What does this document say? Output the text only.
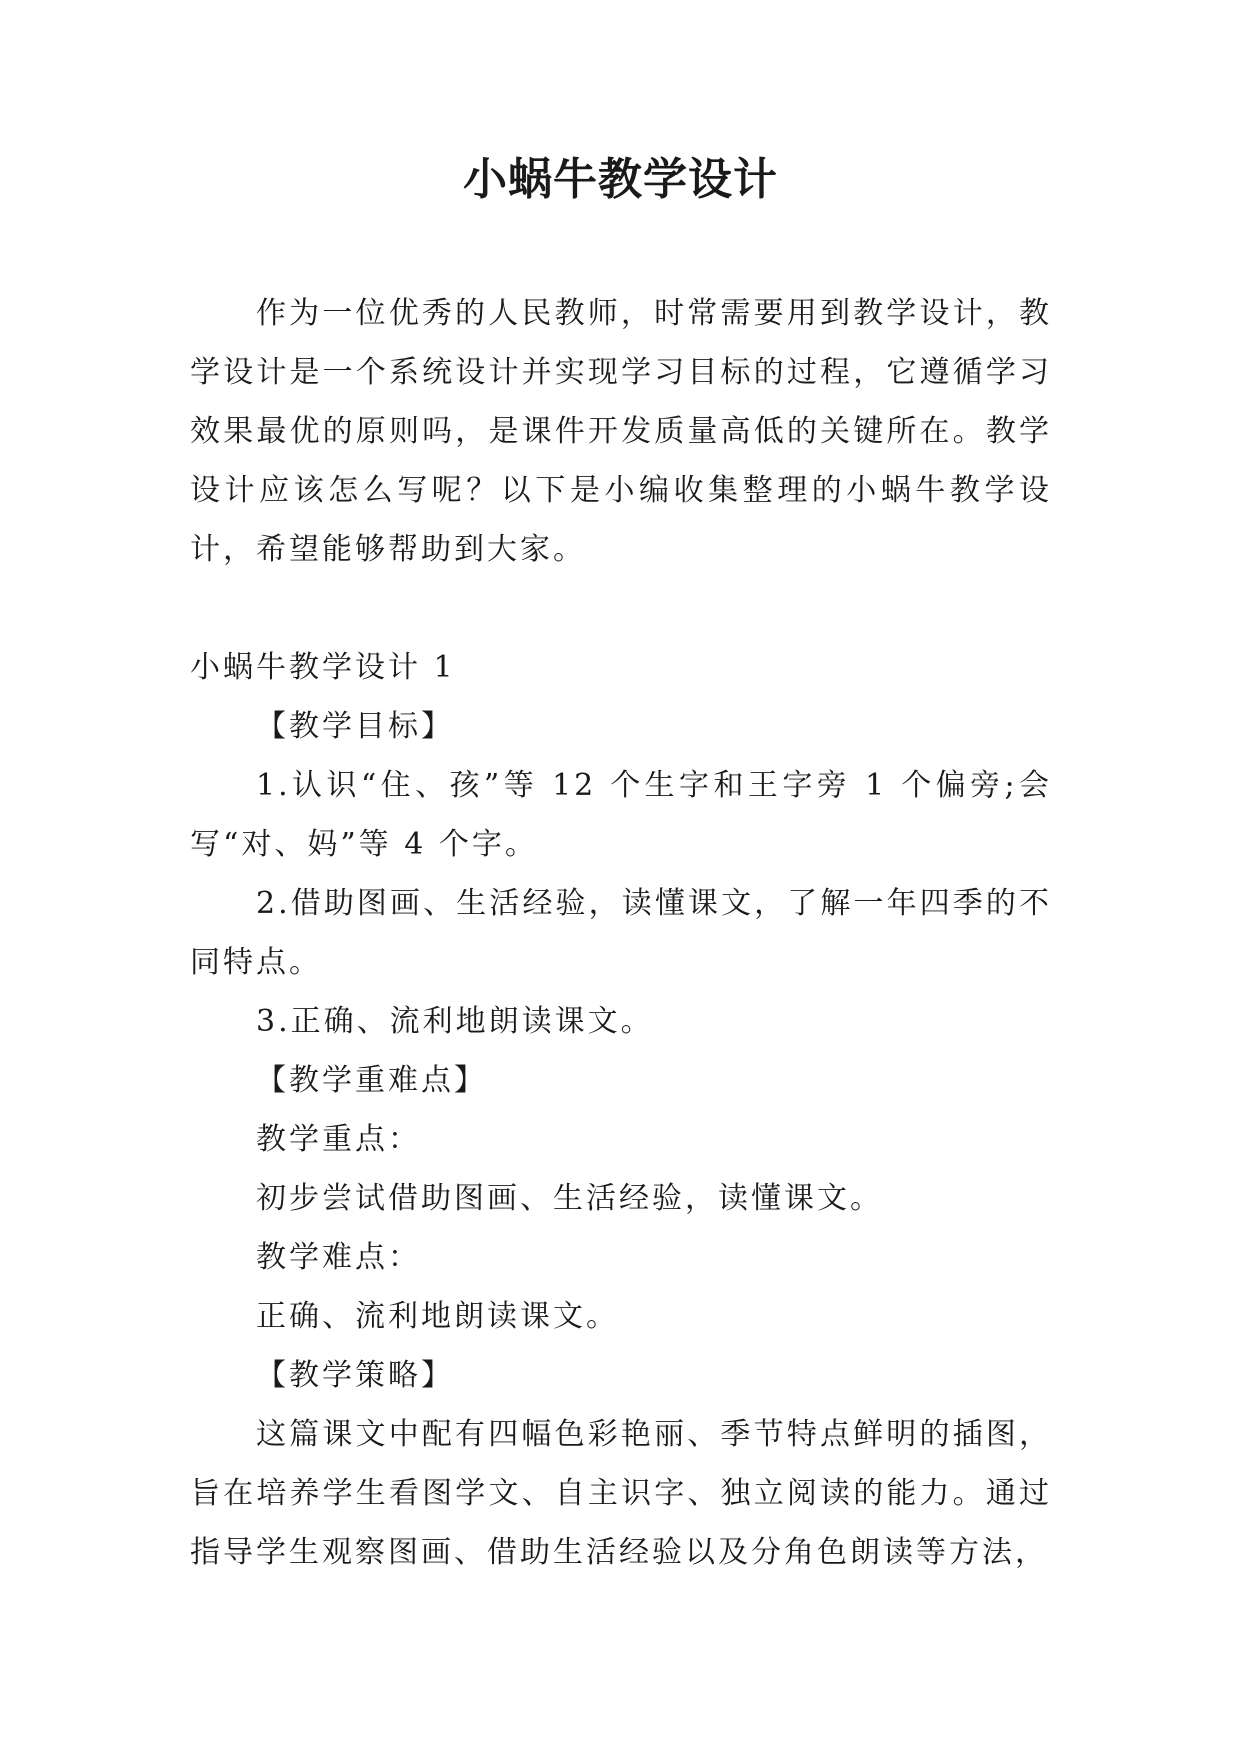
小蜗牛教学设计

作为一位优秀的人民教师，时常需要用到教学设计，教学设计是一个系统设计并实现学习目标的过程，它遵循学习效果最优的原则吗，是课件开发质量高低的关键所在。教学设计应该怎么写呢？以下是小编收集整理的小蜗牛教学设计，希望能够帮助到大家。

小蜗牛教学设计 1

【教学目标】

1.认识“住、孩”等 12 个生字和王字旁 1 个偏旁;会写“对、妈”等 4 个字。

2.借助图画、生活经验，读懂课文，了解一年四季的不同特点。

3.正确、流利地朗读课文。

【教学重难点】

教学重点：

初步尝试借助图画、生活经验，读懂课文。

教学难点：

正确、流利地朗读课文。

【教学策略】

这篇课文中配有四幅色彩艳丽、季节特点鲜明的插图，旨在培养学生看图学文、自主识字、独立阅读的能力。通过指导学生观察图画、借助生活经验以及分角色朗读等方法，
